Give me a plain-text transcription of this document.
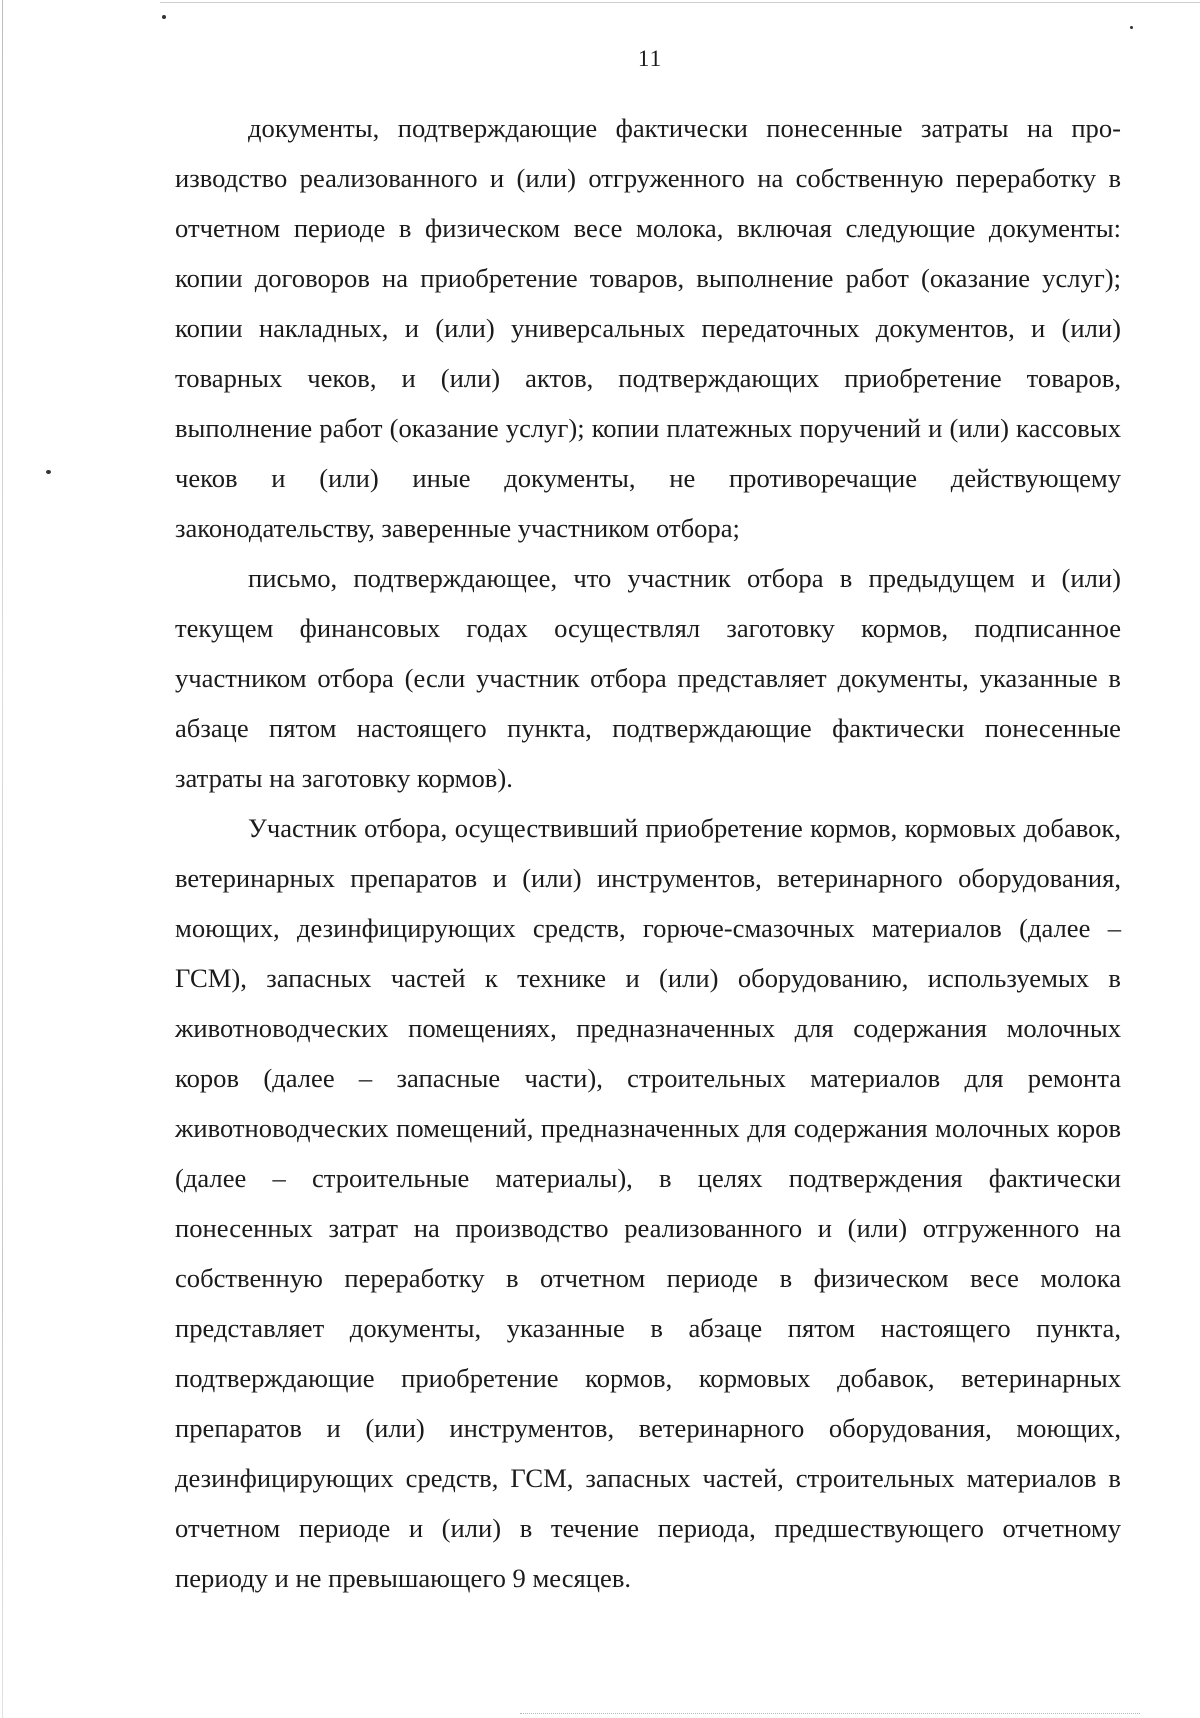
11

документы, подтверждающие фактически понесенные затраты на производство реализованного и (или) отгруженного на собственную переработку в отчетном периоде в физическом весе молока, включая следующие документы: копии договоров на приобретение товаров, выполнение работ (оказание услуг); копии накладных, и (или) универсальных передаточных документов, и (или) товарных чеков, и (или) актов, подтверждающих приобретение товаров, выполнение работ (оказание услуг); копии платежных поручений и (или) кассовых чеков и (или) иные документы, не противоречащие действующему законодательству, заверенные участником отбора;

письмо, подтверждающее, что участник отбора в предыдущем и (или) текущем финансовых годах осуществлял заготовку кормов, подписанное участником отбора (если участник отбора представляет документы, указанные в абзаце пятом настоящего пункта, подтверждающие фактически понесенные затраты на заготовку кормов).

Участник отбора, осуществивший приобретение кормов, кормовых добавок, ветеринарных препаратов и (или) инструментов, ветеринарного оборудования, моющих, дезинфицирующих средств, горюче-смазочных материалов (далее – ГСМ), запасных частей к технике и (или) оборудованию, используемых в животноводческих помещениях, предназначенных для содержания молочных коров (далее – запасные части), строительных материалов для ремонта животноводческих помещений, предназначенных для содержания молочных коров (далее – строительные материалы), в целях подтверждения фактически понесенных затрат на производство реализованного и (или) отгруженного на собственную переработку в отчетном периоде в физическом весе молока представляет документы, указанные в абзаце пятом настоящего пункта, подтверждающие приобретение кормов, кормовых добавок, ветеринарных препаратов и (или) инструментов, ветеринарного оборудования, моющих, дезинфицирующих средств, ГСМ, запасных частей, строительных материалов в отчетном периоде и (или) в течение периода, предшествующего отчетному периоду и не превышающего 9 месяцев.
